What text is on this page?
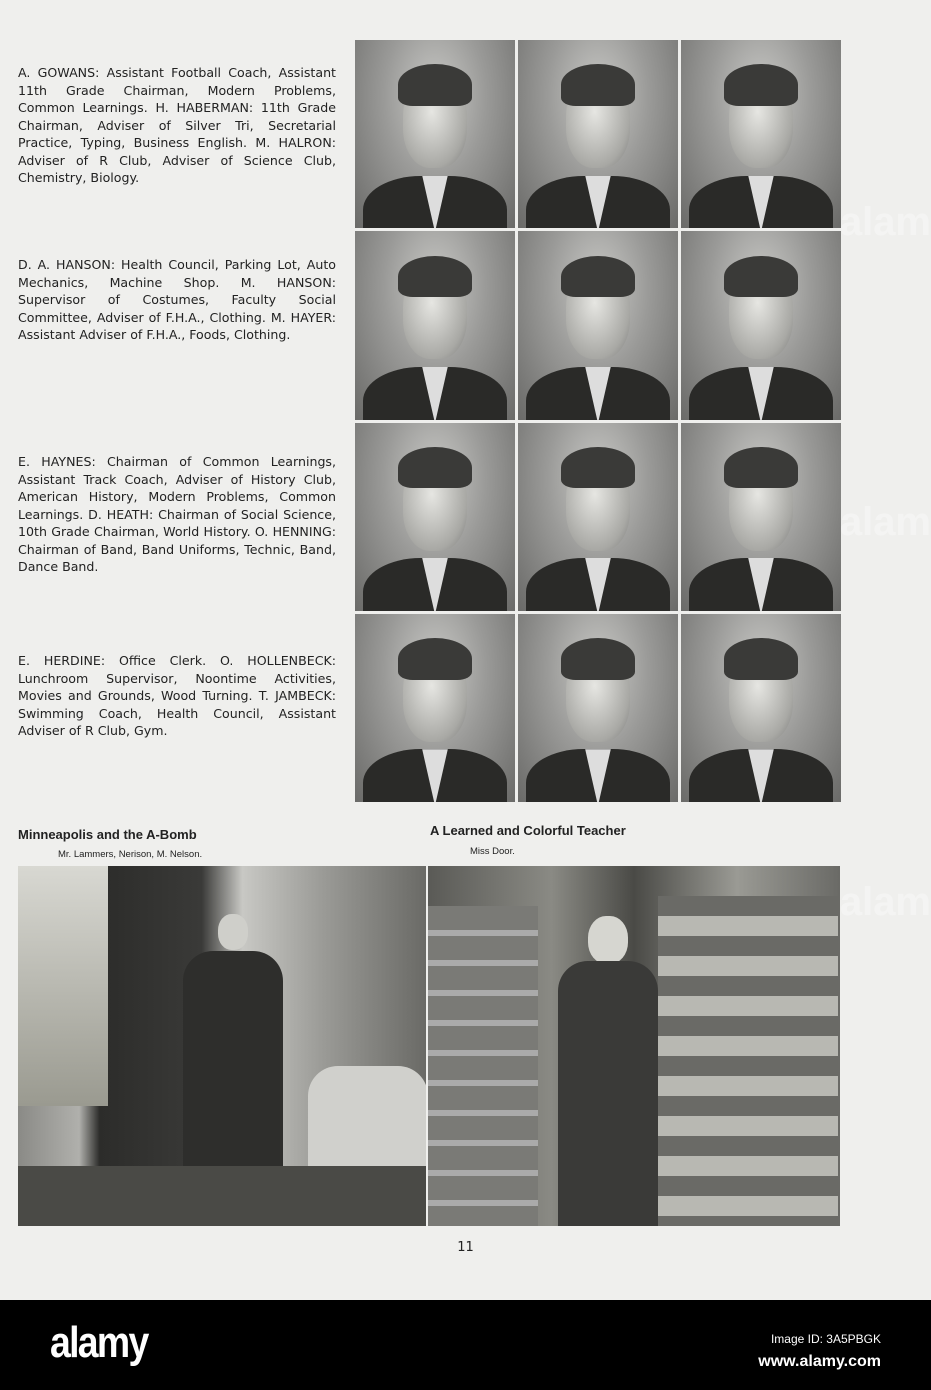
A. GOWANS: Assistant Football Coach, Assistant 11th Grade Chairman, Modern Problems, Common Learnings. H. HABERMAN: 11th Grade Chairman, Adviser of Silver Tri, Secretarial Practice, Typing, Business English. M. HALRON: Adviser of R Club, Adviser of Science Club, Chemistry, Biology.

D. A. HANSON: Health Council, Parking Lot, Auto Mechanics, Machine Shop. M. HANSON: Supervisor of Costumes, Faculty Social Committee, Adviser of F.H.A., Clothing. M. HAYER: Assistant Adviser of F.H.A., Foods, Clothing.

E. HAYNES: Chairman of Common Learnings, Assistant Track Coach, Adviser of History Club, American History, Modern Problems, Common Learnings. D. HEATH: Chairman of Social Science, 10th Grade Chairman, World History. O. HENNING: Chairman of Band, Band Uniforms, Technic, Band, Dance Band.

E. HERDINE: Office Clerk. O. HOLLENBECK: Lunchroom Supervisor, Noontime Activities, Movies and Grounds, Wood Turning. T. JAMBECK: Swimming Coach, Health Council, Assistant Adviser of R Club, Gym.

Minneapolis and the A-Bomb
Mr. Lammers, Nerison, M. Nelson.
A Learned and Colorful Teacher
Miss Door.
11
alam
alam
alam
alamy	Image ID: 3A5PBGK
www.alamy.com
